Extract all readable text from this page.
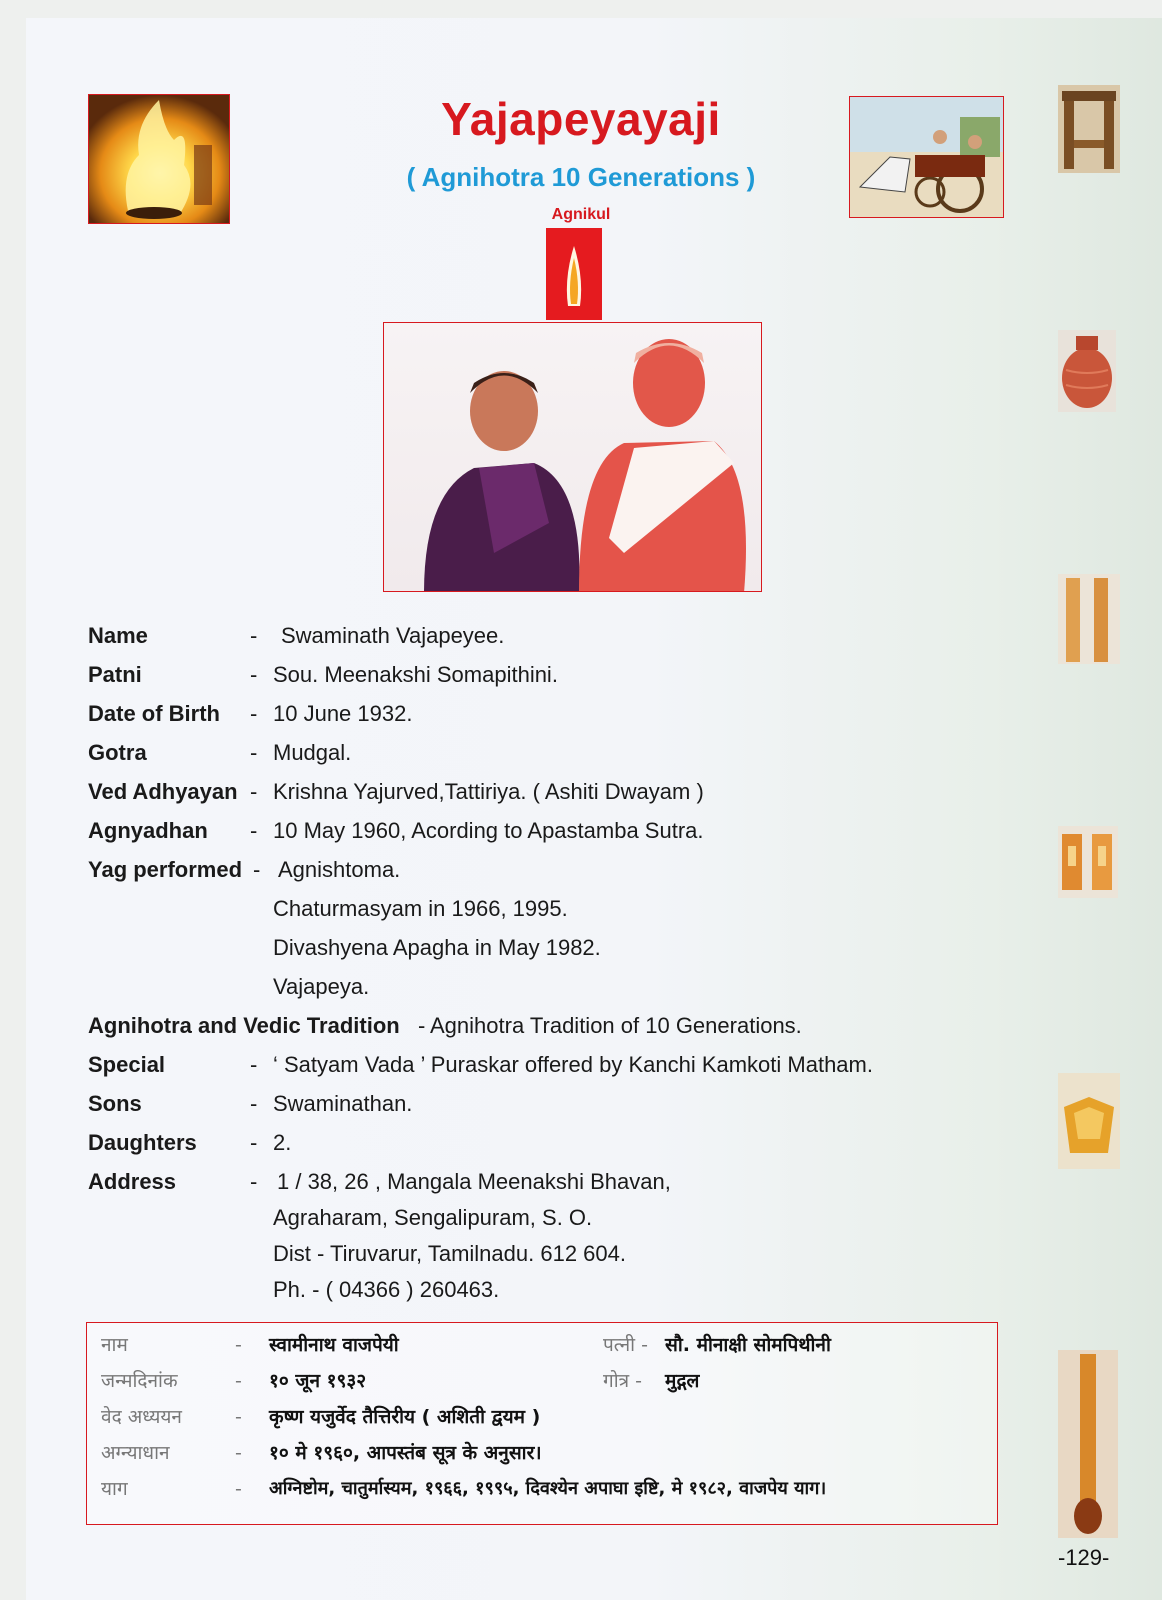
Yajapeyayaji
( Agnihotra 10 Generations )
Agnikul
Name	- Swaminath Vajapeyee.
Patni	- Sou. Meenakshi Somapithini.
Date of Birth - 10 June 1932.
Gotra	- Mudgal.
Ved Adhyayan - Krishna Yajurved,Tattiriya. ( Ashiti Dwayam )
Agnyadhan - 10 May 1960, Acording to Apastamba Sutra.
Yag performed - Agnishtoma.
Chaturmasyam in 1966, 1995.
Divashyena Apagha in May 1982.
Vajapeya.
Agnihotra and Vedic Tradition - Agnihotra Tradition of 10 Generations.
Special	- ‘ Satyam Vada ’ Puraskar offered by Kanchi Kamkoti Matham.
Sons	- Swaminathan.
Daughters - 2.
Address	- 1 / 38, 26 , Mangala Meenakshi Bhavan,
Agraharam, Sengalipuram, S. O.
Dist - Tiruvarur, Tamilnadu. 612 604.
Ph. - ( 04366 ) 260463.
नाम	- स्वामीनाथ वाजपेयी	पत्नी - सौ. मीनाक्षी सोमपिथीनी
जन्मदिनांक	- १० जून १९३२	गोत्र - मुद्गल
वेद अध्ययन	- कृष्ण यजुर्वेद तैत्तिरीय ( अशिती द्वयम )
अग्न्याधान	- १० मे १९६०, आपस्तंब सूत्र के अनुसार।
याग	- अग्निष्टोम, चातुर्मास्यम, १९६६, १९९५, दिवश्येन अपाघा इष्टि, मे १९८२, वाजपेय याग।
-129-
